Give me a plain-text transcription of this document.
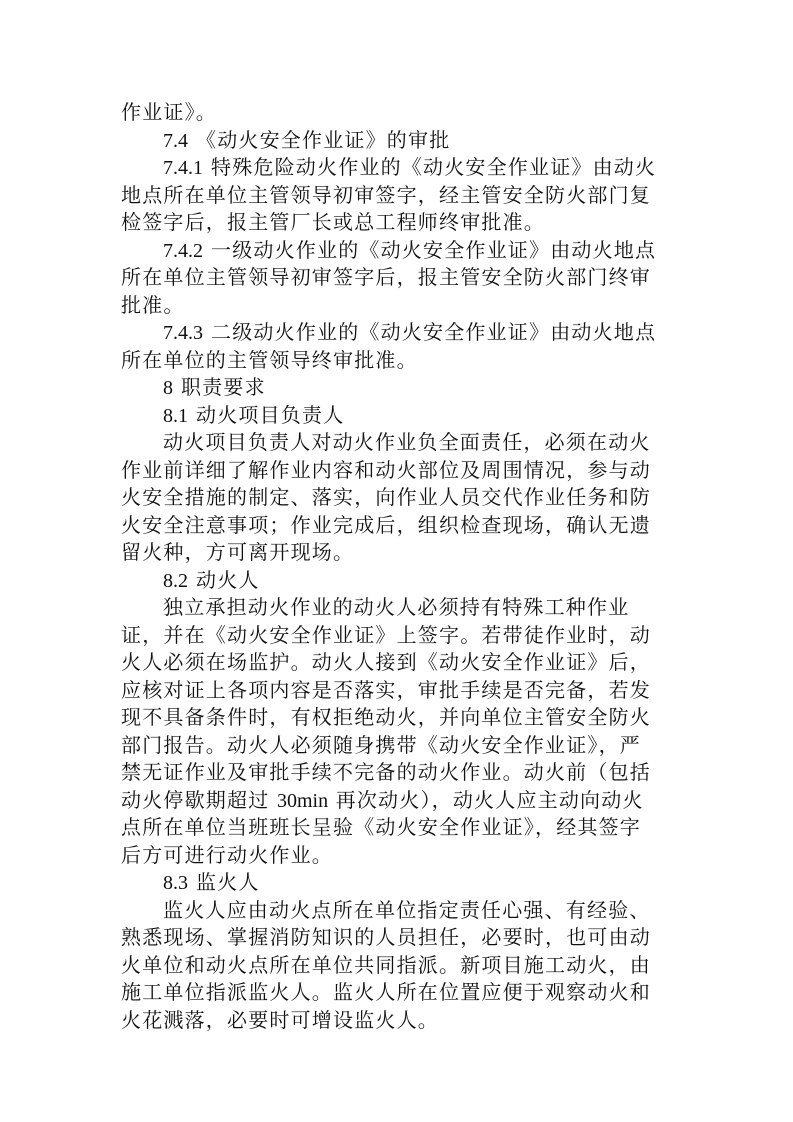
作业证》。
7.4 《动火安全作业证》的审批
7.4.1 特殊危险动火作业的《动火安全作业证》由动火
地点所在单位主管领导初审签字，经主管安全防火部门复
检签字后，报主管厂长或总工程师终审批准。
7.4.2 一级动火作业的《动火安全作业证》由动火地点
所在单位主管领导初审签字后，报主管安全防火部门终审
批准。
7.4.3 二级动火作业的《动火安全作业证》由动火地点
所在单位的主管领导终审批准。
8 职责要求
8.1 动火项目负责人
动火项目负责人对动火作业负全面责任，必须在动火
作业前详细了解作业内容和动火部位及周围情况，参与动
火安全措施的制定、落实，向作业人员交代作业任务和防
火安全注意事项；作业完成后，组织检查现场，确认无遗
留火种，方可离开现场。
8.2 动火人
独立承担动火作业的动火人必须持有特殊工种作业
证，并在《动火安全作业证》上签字。若带徒作业时，动
火人必须在场监护。动火人接到《动火安全作业证》后，
应核对证上各项内容是否落实，审批手续是否完备，若发
现不具备条件时，有权拒绝动火，并向单位主管安全防火
部门报告。动火人必须随身携带《动火安全作业证》，严
禁无证作业及审批手续不完备的动火作业。动火前（包括
动火停歇期超过 30min 再次动火），动火人应主动向动火
点所在单位当班班长呈验《动火安全作业证》，经其签字
后方可进行动火作业。
8.3 监火人
监火人应由动火点所在单位指定责任心强、有经验、
熟悉现场、掌握消防知识的人员担任，必要时，也可由动
火单位和动火点所在单位共同指派。新项目施工动火，由
施工单位指派监火人。监火人所在位置应便于观察动火和
火花溅落，必要时可增设监火人。
